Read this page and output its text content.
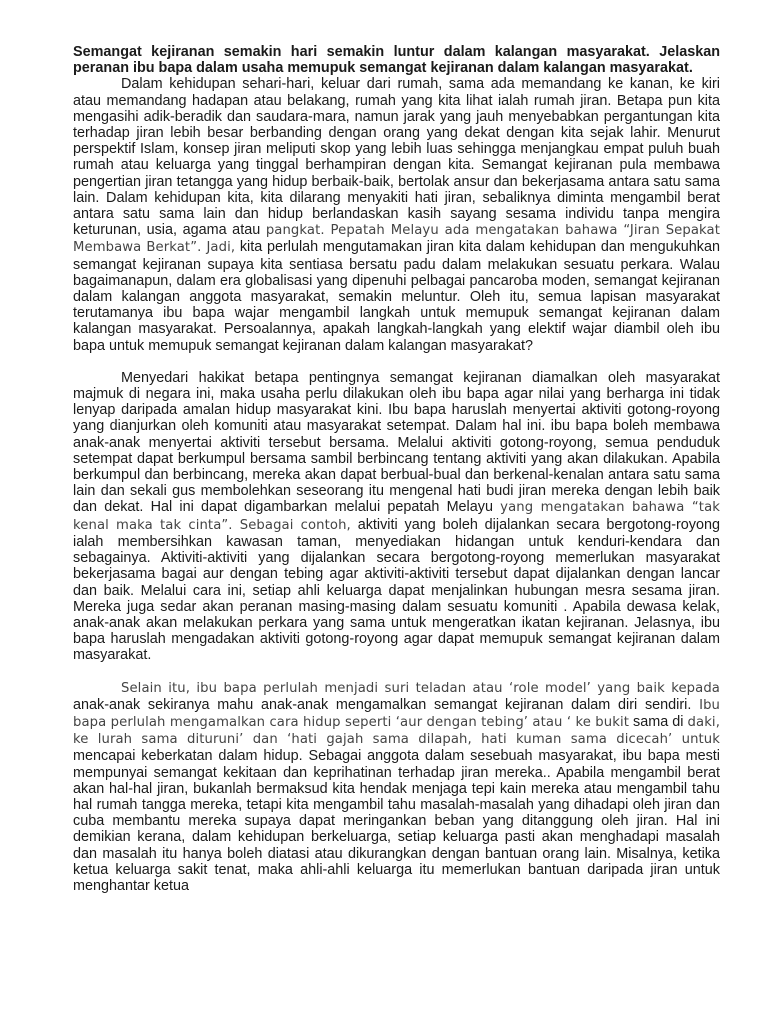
Semangat kejiranan semakin hari semakin luntur dalam kalangan masyarakat. Jelaskan peranan ibu bapa dalam usaha memupuk semangat kejiranan dalam kalangan masyarakat.

Dalam kehidupan sehari-hari, keluar dari rumah, sama ada memandang ke kanan, ke kiri atau memandang hadapan atau belakang, rumah yang kita lihat ialah rumah jiran. Betapa pun kita mengasihi adik-beradik dan saudara-mara, namun jarak yang jauh menyebabkan pergantungan kita terhadap jiran lebih besar berbanding dengan orang yang dekat dengan kita sejak lahir. Menurut perspektif Islam, konsep jiran meliputi skop yang lebih luas sehingga menjangkau empat puluh buah rumah atau keluarga yang tinggal berhampiran dengan kita. Semangat kejiranan pula membawa pengertian jiran tetangga yang hidup berbaik-baik, bertolak ansur dan bekerjasama antara satu sama lain. Dalam kehidupan kita, kita dilarang menyakiti hati jiran, sebaliknya diminta mengambil berat antara satu sama lain dan hidup berlandaskan kasih sayang sesama individu tanpa mengira keturunan, usia, agama atau pangkat. Pepatah Melayu ada mengatakan bahawa “Jiran Sepakat Membawa Berkat”. Jadi, kita perlulah mengutamakan jiran kita dalam kehidupan dan mengukuhkan semangat kejiranan supaya kita sentiasa bersatu padu dalam melakukan sesuatu perkara. Walau bagaimanapun, dalam era globalisasi yang dipenuhi pelbagai pancaroba moden, semangat kejiranan dalam kalangan anggota masyarakat, semakin meluntur. Oleh itu, semua lapisan masyarakat terutamanya ibu bapa wajar mengambil langkah untuk memupuk semangat kejiranan dalam kalangan masyarakat. Persoalannya, apakah langkah-langkah yang elektif wajar diambil oleh ibu bapa untuk memupuk semangat kejiranan dalam kalangan masyarakat?

Menyedari hakikat betapa pentingnya semangat kejiranan diamalkan oleh masyarakat majmuk di negara ini, maka usaha perlu dilakukan oleh ibu bapa agar nilai yang berharga ini tidak lenyap daripada amalan hidup masyarakat kini. Ibu bapa haruslah menyertai aktiviti gotong-royong yang dianjurkan oleh komuniti atau masyarakat setempat. Dalam hal ini. ibu bapa boleh membawa anak-anak menyertai aktiviti tersebut bersama. Melalui aktiviti gotong-royong, semua penduduk setempat dapat berkumpul bersama sambil berbincang tentang aktiviti yang akan dilakukan. Apabila berkumpul dan berbincang, mereka akan dapat berbual-bual dan berkenal-kenalan antara satu sama lain dan sekali gus membolehkan seseorang itu mengenal hati budi jiran mereka dengan lebih baik dan dekat. Hal ini dapat digambarkan melalui pepatah Melayu yang mengatakan bahawa “tak kenal maka tak cinta”. Sebagai contoh, aktiviti yang boleh dijalankan secara bergotong-royong ialah membersihkan kawasan taman, menyediakan hidangan untuk kenduri-kendara dan sebagainya. Aktiviti-aktiviti yang dijalankan secara bergotong-royong memerlukan masyarakat bekerjasama bagai aur dengan tebing agar aktiviti-aktiviti tersebut dapat dijalankan dengan lancar dan baik. Melalui cara ini, setiap ahli keluarga dapat menjalinkan hubungan mesra sesama jiran. Mereka juga sedar akan peranan masing-masing dalam sesuatu komuniti . Apabila dewasa kelak, anak-anak akan melakukan perkara yang sama untuk mengeratkan ikatan kejiranan. Jelasnya, ibu bapa haruslah mengadakan aktiviti gotong-royong agar dapat memupuk semangat kejiranan dalam masyarakat.

Selain itu, ibu bapa perlulah menjadi suri teladan atau ‘role model’ yang baik kepada anak-anak sekiranya mahu anak-anak mengamalkan semangat kejiranan dalam diri sendiri. Ibu bapa perlulah mengamalkan cara hidup seperti ‘aur dengan tebing’ atau ‘ ke bukit sama di daki, ke lurah sama dituruni’ dan ‘hati gajah sama dilapah, hati kuman sama dicecah’ untuk mencapai keberkatan dalam hidup. Sebagai anggota dalam sesebuah masyarakat, ibu bapa mesti mempunyai semangat kekitaan dan keprihatinan terhadap jiran mereka.. Apabila mengambil berat akan hal-hal jiran, bukanlah bermaksud kita hendak menjaga tepi kain mereka atau mengambil tahu hal rumah tangga mereka, tetapi kita mengambil tahu masalah-masalah yang dihadapi oleh jiran dan cuba membantu mereka supaya dapat meringankan beban yang ditanggung oleh jiran. Hal ini demikian kerana, dalam kehidupan berkeluarga, setiap keluarga pasti akan menghadapi masalah dan masalah itu hanya boleh diatasi atau dikurangkan dengan bantuan orang lain. Misalnya, ketika ketua keluarga sakit tenat, maka ahli-ahli keluarga itu memerlukan bantuan daripada jiran untuk menghantar ketua
